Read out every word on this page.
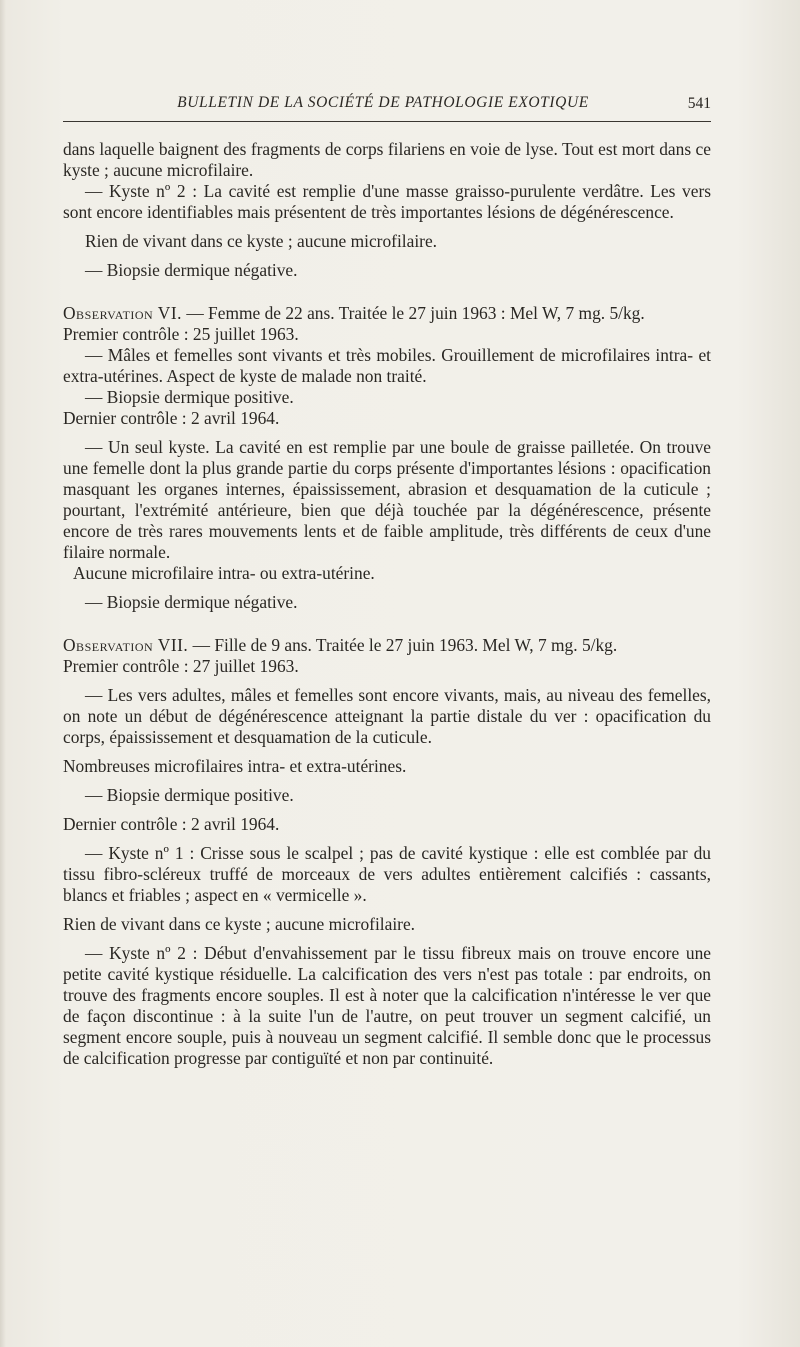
BULLETIN DE LA SOCIÉTÉ DE PATHOLOGIE EXOTIQUE	541

dans laquelle baignent des fragments de corps filariens en voie de lyse. Tout est mort dans ce kyste ; aucune microfilaire.

— Kyste nº 2 : La cavité est remplie d'une masse graisso-purulente verdâtre. Les vers sont encore identifiables mais présentent de très importantes lésions de dégénérescence.

Rien de vivant dans ce kyste ; aucune microfilaire.

— Biopsie dermique négative.

Observation VI. — Femme de 22 ans. Traitée le 27 juin 1963 : Mel W, 7 mg. 5/kg.

Premier contrôle : 25 juillet 1963.

— Mâles et femelles sont vivants et très mobiles. Grouillement de microfilaires intra- et extra-utérines. Aspect de kyste de malade non traité.

— Biopsie dermique positive.

Dernier contrôle : 2 avril 1964.

— Un seul kyste. La cavité en est remplie par une boule de graisse pailletée. On trouve une femelle dont la plus grande partie du corps présente d'importantes lésions : opacification masquant les organes internes, épaississement, abrasion et desquamation de la cuticule ; pourtant, l'extrémité antérieure, bien que déjà touchée par la dégénérescence, présente encore de très rares mouvements lents et de faible amplitude, très différents de ceux d'une filaire normale.

Aucune microfilaire intra- ou extra-utérine.

— Biopsie dermique négative.

Observation VII. — Fille de 9 ans. Traitée le 27 juin 1963. Mel W, 7 mg. 5/kg.

Premier contrôle : 27 juillet 1963.

— Les vers adultes, mâles et femelles sont encore vivants, mais, au niveau des femelles, on note un début de dégénérescence atteignant la partie distale du ver : opacification du corps, épaississement et desquamation de la cuticule.

Nombreuses microfilaires intra- et extra-utérines.

— Biopsie dermique positive.

Dernier contrôle : 2 avril 1964.

— Kyste nº 1 : Crisse sous le scalpel ; pas de cavité kystique : elle est comblée par du tissu fibro-scléreux truffé de morceaux de vers adultes entièrement calcifiés : cassants, blancs et friables ; aspect en « vermicelle ».

Rien de vivant dans ce kyste ; aucune microfilaire.

— Kyste nº 2 : Début d'envahissement par le tissu fibreux mais on trouve encore une petite cavité kystique résiduelle. La calcification des vers n'est pas totale : par endroits, on trouve des fragments encore souples. Il est à noter que la calcification n'intéresse le ver que de façon discontinue : à la suite l'un de l'autre, on peut trouver un segment calcifié, un segment encore souple, puis à nouveau un segment calcifié. Il semble donc que le processus de calcification progresse par contiguïté et non par continuité.
